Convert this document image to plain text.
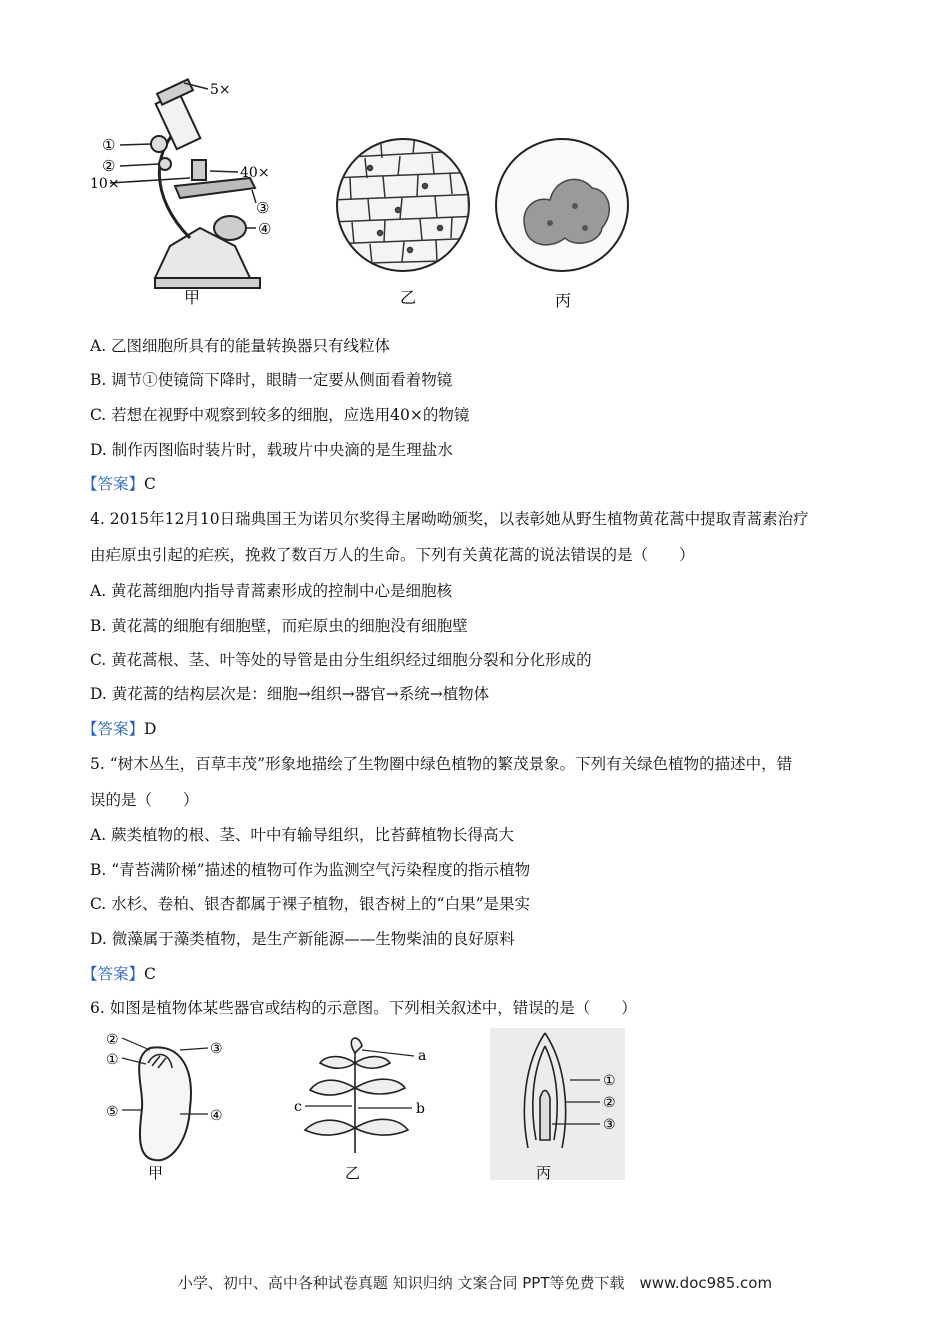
5×
①
②
10×
40×
③
④
甲	乙	丙
A. 乙图细胞所具有的能量转换器只有线粒体
B. 调节①使镜筒下降时，眼睛一定要从侧面看着物镜
C. 若想在视野中观察到较多的细胞，应选用40×的物镜
D. 制作丙图临时装片时，载玻片中央滴的是生理盐水
【答案】C
4. 2015年12月10日瑞典国王为诺贝尔奖得主屠呦呦颁奖，以表彰她从野生植物黄花蒿中提取青蒿素治疗
由疟原虫引起的疟疾，挽救了数百万人的生命。下列有关黄花蒿的说法错误的是（　　）
A. 黄花蒿细胞内指导青蒿素形成的控制中心是细胞核
B. 黄花蒿的细胞有细胞壁，而疟原虫的细胞没有细胞壁
C. 黄花蒿根、茎、叶等处的导管是由分生组织经过细胞分裂和分化形成的
D. 黄花蒿的结构层次是：细胞→组织→器官→系统→植物体
【答案】D
5. “树木丛生，百草丰茂”形象地描绘了生物圈中绿色植物的繁茂景象。下列有关绿色植物的描述中，错
误的是（　　）
A. 蕨类植物的根、茎、叶中有输导组织，比苔藓植物长得高大
B. “青苔满阶梯”描述的植物可作为监测空气污染程度的指示植物
C. 水杉、卷柏、银杏都属于裸子植物，银杏树上的“白果”是果实
D. 微藻属于藻类植物，是生产新能源——生物柴油的良好原料
【答案】C
6. 如图是植物体某些器官或结构的示意图。下列相关叙述中，错误的是（　　）
②
①
③
⑤	④
甲
a
c	b
乙
①
②
③
丙
小学、初中、高中各种试卷真题 知识归纳 文案合同 PPT等免费下载　www.doc985.com
